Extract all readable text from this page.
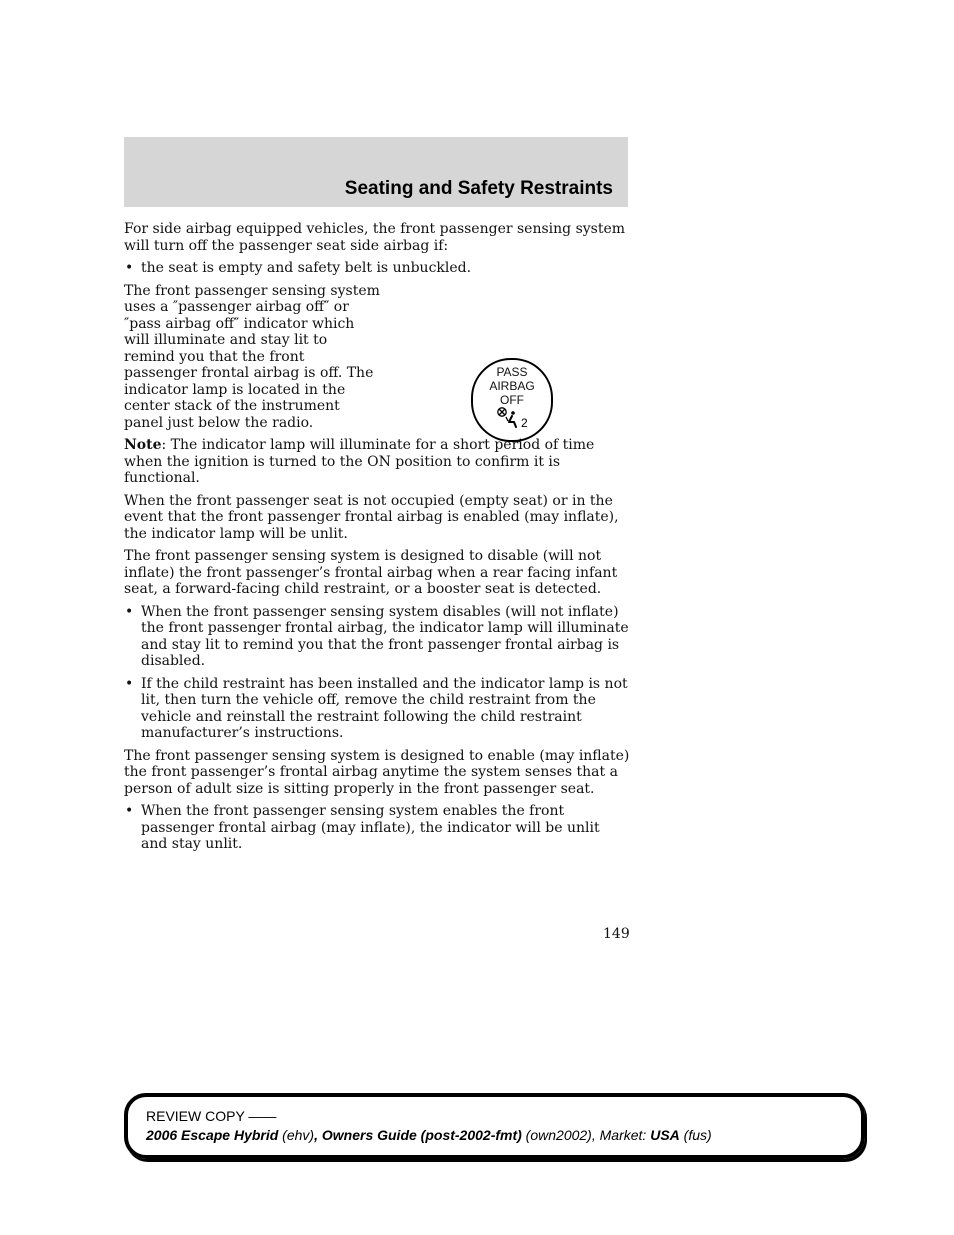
Seating and Safety Restraints

For side airbag equipped vehicles, the front passenger sensing system will turn off the passenger seat side airbag if:

• the seat is empty and safety belt is unbuckled.

The front passenger sensing system uses a ″passenger airbag off″ or ″pass airbag off″ indicator which will illuminate and stay lit to remind you that the front passenger frontal airbag is off. The indicator lamp is located in the center stack of the instrument panel just below the radio.

PASS
AIRBAG
OFF
2

Note: The indicator lamp will illuminate for a short period of time when the ignition is turned to the ON position to confirm it is functional.

When the front passenger seat is not occupied (empty seat) or in the event that the front passenger frontal airbag is enabled (may inflate), the indicator lamp will be unlit.

The front passenger sensing system is designed to disable (will not inflate) the front passenger’s frontal airbag when a rear facing infant seat, a forward-facing child restraint, or a booster seat is detected.

• When the front passenger sensing system disables (will not inflate) the front passenger frontal airbag, the indicator lamp will illuminate and stay lit to remind you that the front passenger frontal airbag is disabled.
• If the child restraint has been installed and the indicator lamp is not lit, then turn the vehicle off, remove the child restraint from the vehicle and reinstall the restraint following the child restraint manufacturer’s instructions.

The front passenger sensing system is designed to enable (may inflate) the front passenger’s frontal airbag anytime the system senses that a person of adult size is sitting properly in the front passenger seat.

• When the front passenger sensing system enables the front passenger frontal airbag (may inflate), the indicator will be unlit and stay unlit.
149
REVIEW COPY ——
2006 Escape Hybrid (ehv), Owners Guide (post-2002-fmt) (own2002), Market: USA (fus)
